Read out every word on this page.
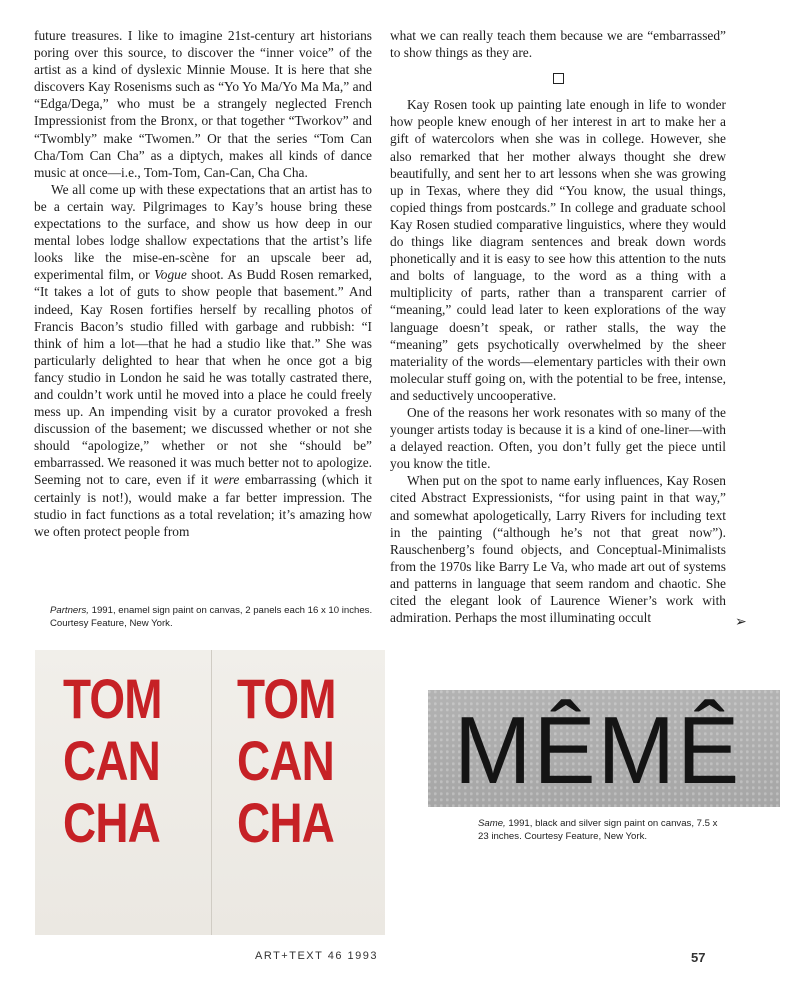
future treasures. I like to imagine 21st-century art historians poring over this source, to discover the “inner voice” of the artist as a kind of dyslexic Minnie Mouse. It is here that she discovers Kay Rosenisms such as “Yo Yo Ma/Yo Ma Ma,” and “Edga/Dega,” who must be a strangely neglected French Impressionist from the Bronx, or that together “Tworkov” and “Twombly” make “Twomen.” Or that the series “Tom Can Cha/Tom Can Cha” as a diptych, makes all kinds of dance music at once—i.e., Tom-Tom, Can-Can, Cha Cha.

We all come up with these expectations that an artist has to be a certain way. Pilgrimages to Kay’s house bring these expectations to the surface, and show us how deep in our mental lobes lodge shallow expectations that the artist’s life looks like the mise-en-scène for an upscale beer ad, experimental film, or Vogue shoot. As Budd Rosen remarked, “It takes a lot of guts to show people that basement.” And indeed, Kay Rosen fortifies herself by recalling photos of Francis Bacon’s studio filled with garbage and rubbish: “I think of him a lot—that he had a studio like that.” She was particularly delighted to hear that when he once got a big fancy studio in London he said he was totally castrated there, and couldn’t work until he moved into a place he could freely mess up. An impending visit by a curator provoked a fresh discussion of the basement; we discussed whether or not she should “apologize,” whether or not she “should be” embarrassed. We reasoned it was much better not to apologize. Seeming not to care, even if it were embarrassing (which it certainly is not!), would make a far better impression. The studio in fact functions as a total revelation; it’s amazing how we often protect people from

what we can really teach them because we are “embarrassed” to show things as they are.

Kay Rosen took up painting late enough in life to wonder how people knew enough of her interest in art to make her a gift of watercolors when she was in college. However, she also remarked that her mother always thought she drew beautifully, and sent her to art lessons when she was growing up in Texas, where they did “You know, the usual things, copied things from postcards.” In college and graduate school Kay Rosen studied comparative linguistics, where they would do things like diagram sentences and break down words phonetically and it is easy to see how this attention to the nuts and bolts of language, to the word as a thing with a multiplicity of parts, rather than a transparent carrier of “meaning,” could lead later to keen explorations of the way language doesn’t speak, or rather stalls, the way the “meaning” gets psychotically overwhelmed by the sheer materiality of the words—elementary particles with their own molecular stuff going on, with the potential to be free, intense, and seductively uncooperative.

One of the reasons her work resonates with so many of the younger artists today is because it is a kind of one-liner—with a delayed reaction. Often, you don’t fully get the piece until you know the title.

When put on the spot to name early influences, Kay Rosen cited Abstract Expressionists, “for using paint in that way,” and somewhat apologetically, Larry Rivers for including text in the painting (“although he’s not that great now”). Rauschenberg’s found objects, and Conceptual-Minimalists from the 1970s like Barry Le Va, who made art out of systems and patterns in language that seem random and chaotic. She cited the elegant look of Laurence Wiener’s work with admiration. Perhaps the most illuminating occult	➢
Partners, 1991, enamel sign paint on canvas, 2 panels each 16 x 10 inches. Courtesy Feature, New York.
TOM
CAN
CHA
TOM
CAN
CHA
MÊMÊ
Same, 1991, black and silver sign paint on canvas, 7.5 x 23 inches. Courtesy Feature, New York.
ART+TEXT 46 1993	57
